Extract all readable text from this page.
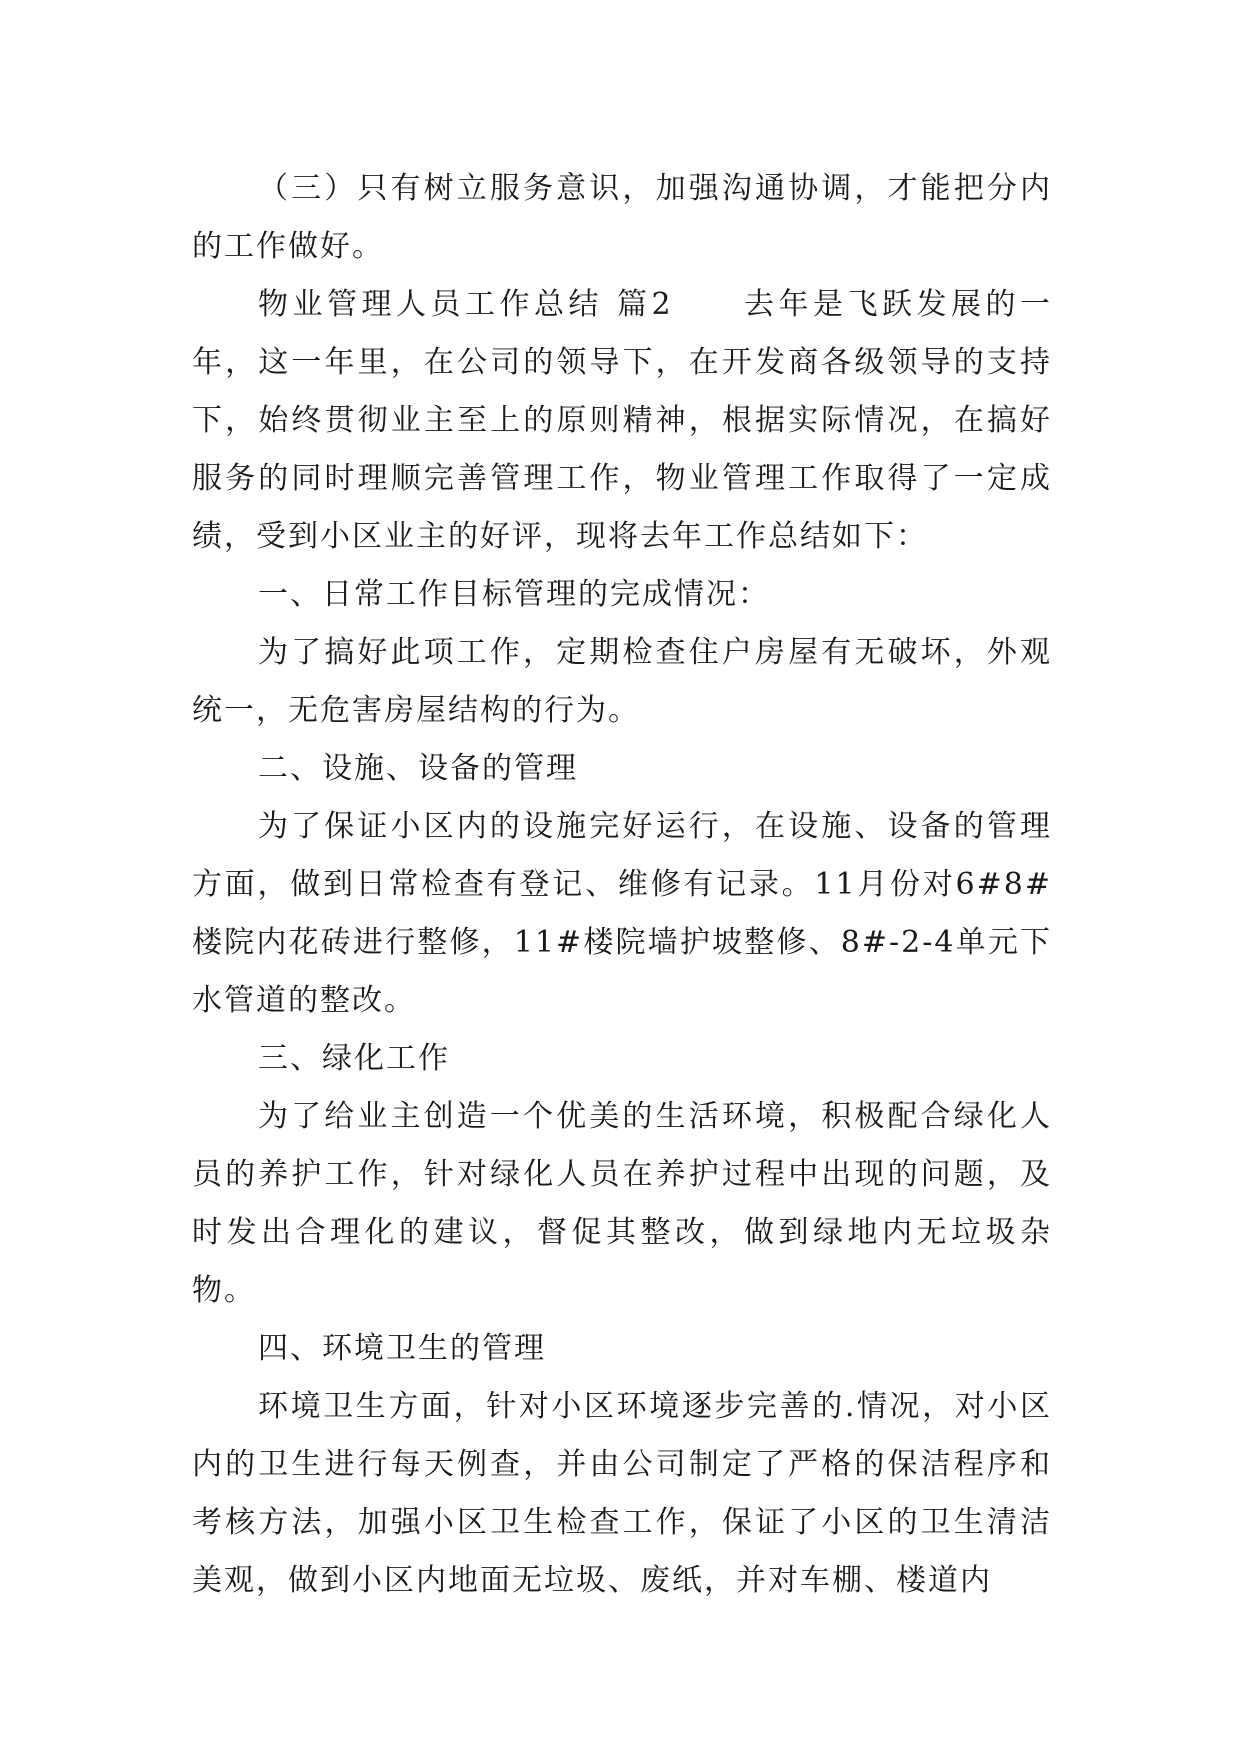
（三）只有树立服务意识，加强沟通协调，才能把分内的工作做好。

物业管理人员工作总结 篇2　　去年是飞跃发展的一年，这一年里，在公司的领导下，在开发商各级领导的支持下，始终贯彻业主至上的原则精神，根据实际情况，在搞好服务的同时理顺完善管理工作，物业管理工作取得了一定成绩，受到小区业主的好评，现将去年工作总结如下：

一、日常工作目标管理的完成情况：

为了搞好此项工作，定期检查住户房屋有无破坏，外观统一，无危害房屋结构的行为。

二、设施、设备的管理

为了保证小区内的设施完好运行，在设施、设备的管理方面，做到日常检查有登记、维修有记录。11月份对6#8#楼院内花砖进行整修，11#楼院墙护坡整修、8#-2-4单元下水管道的整改。

三、绿化工作

为了给业主创造一个优美的生活环境，积极配合绿化人员的养护工作，针对绿化人员在养护过程中出现的问题，及时发出合理化的建议，督促其整改，做到绿地内无垃圾杂物。

四、环境卫生的管理

环境卫生方面，针对小区环境逐步完善的.情况，对小区内的卫生进行每天例查，并由公司制定了严格的保洁程序和考核方法，加强小区卫生检查工作，保证了小区的卫生清洁美观，做到小区内地面无垃圾、废纸，并对车棚、楼道内
